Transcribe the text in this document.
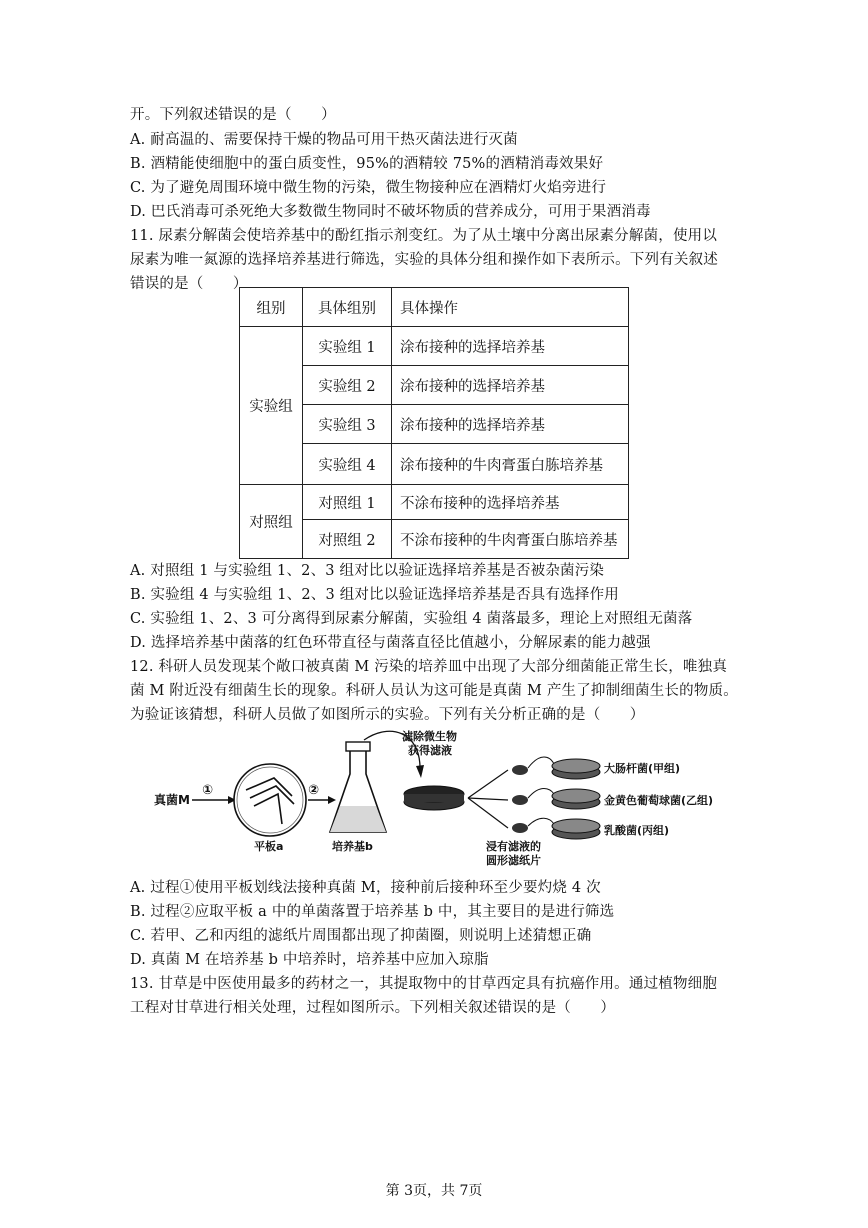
开。下列叙述错误的是（　　）
A. 耐高温的、需要保持干燥的物品可用干热灭菌法进行灭菌
B. 酒精能使细胞中的蛋白质变性，95%的酒精较 75%的酒精消毒效果好
C. 为了避免周围环境中微生物的污染，微生物接种应在酒精灯火焰旁进行
D. 巴氏消毒可杀死绝大多数微生物同时不破坏物质的营养成分，可用于果酒消毒
11. 尿素分解菌会使培养基中的酚红指示剂变红。为了从土壤中分离出尿素分解菌，使用以
尿素为唯一氮源的选择培养基进行筛选，实验的具体分组和操作如下表所示。下列有关叙述
错误的是（　　）
组别	具体组别	具体操作
实验组	实验组 1	涂布接种的选择培养基
	实验组 2	涂布接种的选择培养基
	实验组 3	涂布接种的选择培养基
	实验组 4	涂布接种的牛肉膏蛋白胨培养基
对照组	对照组 1	不涂布接种的选择培养基
	对照组 2	不涂布接种的牛肉膏蛋白胨培养基
A. 对照组 1 与实验组 1、2、3 组对比以验证选择培养基是否被杂菌污染
B. 实验组 4 与实验组 1、2、3 组对比以验证选择培养基是否具有选择作用
C. 实验组 1、2、3 可分离得到尿素分解菌，实验组 4 菌落最多，理论上对照组无菌落
D. 选择培养基中菌落的红色环带直径与菌落直径比值越小，分解尿素的能力越强
12. 科研人员发现某个敞口被真菌 M 污染的培养皿中出现了大部分细菌能正常生长，唯独真
菌 M 附近没有细菌生长的现象。科研人员认为这可能是真菌 M 产生了抑制细菌生长的物质。
为验证该猜想，科研人员做了如图所示的实验。下列有关分析正确的是（　　）
真菌M
①
平板a
②
培养基b
滤除微生物
获得滤液
大肠杆菌(甲组)
金黄色葡萄球菌(乙组)
乳酸菌(丙组)
浸有滤液的
圆形滤纸片
A. 过程①使用平板划线法接种真菌 M，接种前后接种环至少要灼烧 4 次
B. 过程②应取平板 a 中的单菌落置于培养基 b 中，其主要目的是进行筛选
C. 若甲、乙和丙组的滤纸片周围都出现了抑菌圈，则说明上述猜想正确
D. 真菌 M 在培养基 b 中培养时，培养基中应加入琼脂
13. 甘草是中医使用最多的药材之一，其提取物中的甘草西定具有抗癌作用。通过植物细胞
工程对甘草进行相关处理，过程如图所示。下列相关叙述错误的是（　　）
第 3页，共 7页
